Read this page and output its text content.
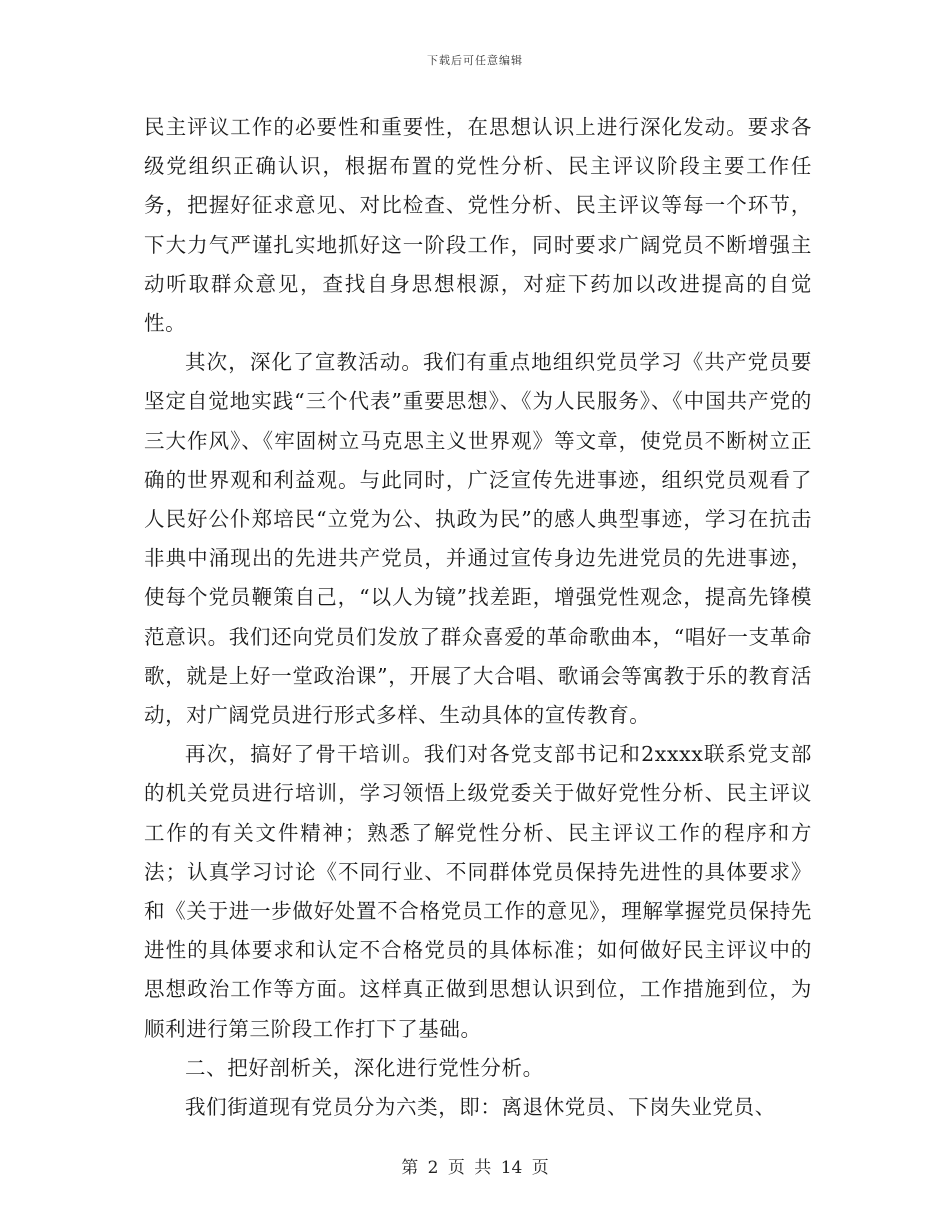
下载后可任意编辑

民主评议工作的必要性和重要性，在思想认识上进行深化发动。要求各级党组织正确认识，根据布置的党性分析、民主评议阶段主要工作任务，把握好征求意见、对比检查、党性分析、民主评议等每一个环节，下大力气严谨扎实地抓好这一阶段工作，同时要求广阔党员不断增强主动听取群众意见，查找自身思想根源，对症下药加以改进提高的自觉性。

其次，深化了宣教活动。我们有重点地组织党员学习《共产党员要坚定自觉地实践“三个代表”重要思想》、《为人民服务》、《中国共产党的三大作风》、《牢固树立马克思主义世界观》等文章，使党员不断树立正确的世界观和利益观。与此同时，广泛宣传先进事迹，组织党员观看了人民好公仆郑培民“立党为公、执政为民”的感人典型事迹，学习在抗击非典中涌现出的先进共产党员，并通过宣传身边先进党员的先进事迹，使每个党员鞭策自己，“以人为镜”找差距，增强党性观念，提高先锋模范意识。我们还向党员们发放了群众喜爱的革命歌曲本，“唱好一支革命歌，就是上好一堂政治课”，开展了大合唱、歌诵会等寓教于乐的教育活动，对广阔党员进行形式多样、生动具体的宣传教育。

再次，搞好了骨干培训。我们对各党支部书记和2xxxx联系党支部的机关党员进行培训，学习领悟上级党委关于做好党性分析、民主评议工作的有关文件精神；熟悉了解党性分析、民主评议工作的程序和方法；认真学习讨论《不同行业、不同群体党员保持先进性的具体要求》和《关于进一步做好处置不合格党员工作的意见》，理解掌握党员保持先进性的具体要求和认定不合格党员的具体标准；如何做好民主评议中的思想政治工作等方面。这样真正做到思想认识到位，工作措施到位，为顺利进行第三阶段工作打下了基础。

二、把好剖析关，深化进行党性分析。

我们街道现有党员分为六类，即：离退休党员、下岗失业党员、

第 2 页 共 14 页
